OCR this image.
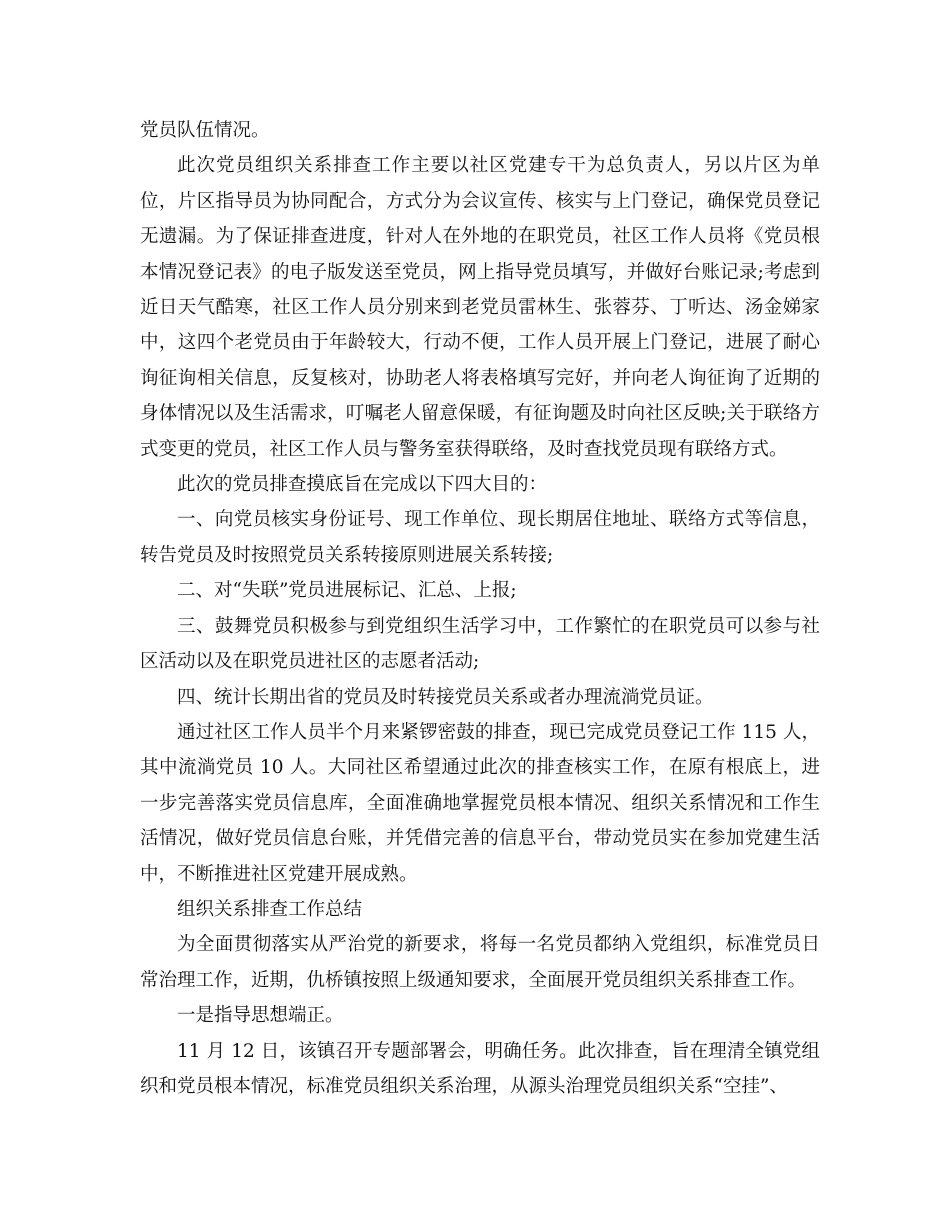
党员队伍情况。

此次党员组织关系排查工作主要以社区党建专干为总负责人，另以片区为单位，片区指导员为协同配合，方式分为会议宣传、核实与上门登记，确保党员登记无遗漏。为了保证排查进度，针对人在外地的在职党员，社区工作人员将《党员根本情况登记表》的电子版发送至党员，网上指导党员填写，并做好台账记录;考虑到近日天气酷寒，社区工作人员分别来到老党员雷林生、张蓉芬、丁听达、汤金娣家中，这四个老党员由于年龄较大，行动不便，工作人员开展上门登记，进展了耐心询征询相关信息，反复核对，协助老人将表格填写完好，并向老人询征询了近期的身体情况以及生活需求，叮嘱老人留意保暖，有征询题及时向社区反映;关于联络方式变更的党员，社区工作人员与警务室获得联络，及时查找党员现有联络方式。

此次的党员排查摸底旨在完成以下四大目的：

一、向党员核实身份证号、现工作单位、现长期居住地址、联络方式等信息，转告党员及时按照党员关系转接原则进展关系转接;

二、对“失联”党员进展标记、汇总、上报;

三、鼓舞党员积极参与到党组织生活学习中，工作繁忙的在职党员可以参与社区活动以及在职党员进社区的志愿者活动;

四、统计长期出省的党员及时转接党员关系或者办理流淌党员证。

通过社区工作人员半个月来紧锣密鼓的排查，现已完成党员登记工作 115 人，其中流淌党员 10 人。大同社区希望通过此次的排查核实工作，在原有根底上，进一步完善落实党员信息库，全面准确地掌握党员根本情况、组织关系情况和工作生活情况，做好党员信息台账，并凭借完善的信息平台，带动党员实在参加党建生活中，不断推进社区党建开展成熟。

组织关系排查工作总结

为全面贯彻落实从严治党的新要求，将每一名党员都纳入党组织，标准党员日常治理工作，近期，仇桥镇按照上级通知要求，全面展开党员组织关系排查工作。

一是指导思想端正。

11 月 12 日，该镇召开专题部署会，明确任务。此次排查，旨在理清全镇党组织和党员根本情况，标准党员组织关系治理，从源头治理党员组织关系“空挂”、
